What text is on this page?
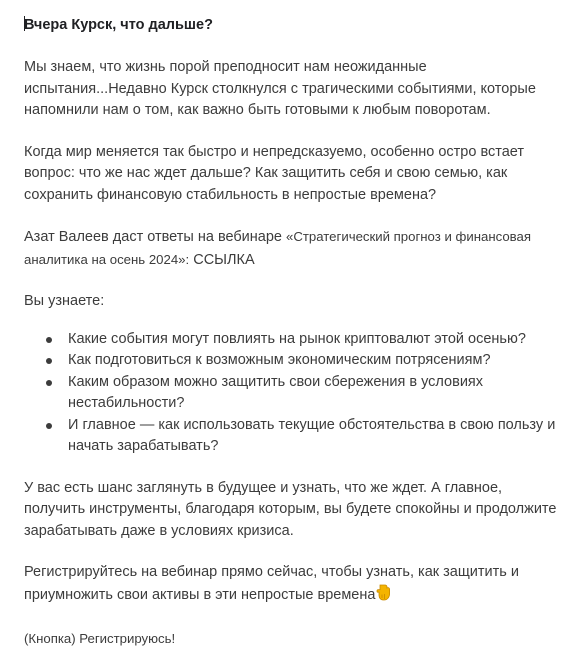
Вчера Курск, что дальше?

Мы знаем, что жизнь порой преподносит нам неожиданные
испытания...Недавно Курск столкнулся с трагическими событиями, которые
напомнили нам о том, как важно быть готовыми к любым поворотам.

Когда мир меняется так быстро и непредсказуемо, особенно остро встает
вопрос: что же нас ждет дальше? Как защитить себя и свою семью, как
сохранить финансовую стабильность в непростые времена?

Азат Валеев даст ответы на вебинаре «Стратегический прогноз и финансовая
аналитика на осень 2024»: ССЫЛКА

Вы узнаете:

Какие события могут повлиять на рынок криптовалют этой осенью?
Как подготовиться к возможным экономическим потрясениям?
Каким образом можно защитить свои сбережения в условиях
нестабильности?
И главное — как использовать текущие обстоятельства в свою пользу и
начать зарабатывать?

У вас есть шанс заглянуть в будущее и узнать, что же ждет. А главное,
получить инструменты, благодаря которым, вы будете спокойны и продолжите
зарабатывать даже в условиях кризиса.

Регистрируйтесь на вебинар прямо сейчас, чтобы узнать, как защитить и
приумножить свои активы в эти непростые времена

(Кнопка) Регистрируюсь!
